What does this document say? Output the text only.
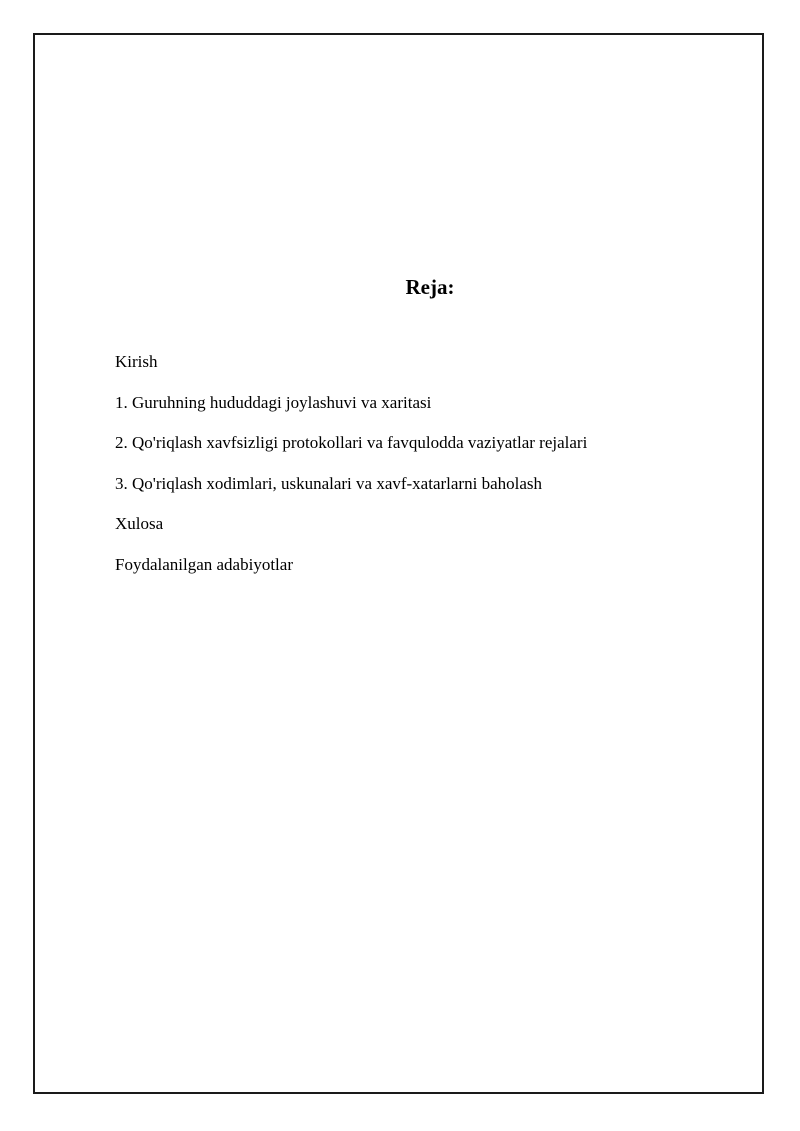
Reja:
Kirish
1. Guruhning hududdagi joylashuvi va xaritasi
2. Qo'riqlash xavfsizligi protokollari va favqulodda vaziyatlar rejalari
3. Qo'riqlash xodimlari, uskunalari va xavf-xatarlarni baholash
Xulosa
Foydalanilgan adabiyotlar
